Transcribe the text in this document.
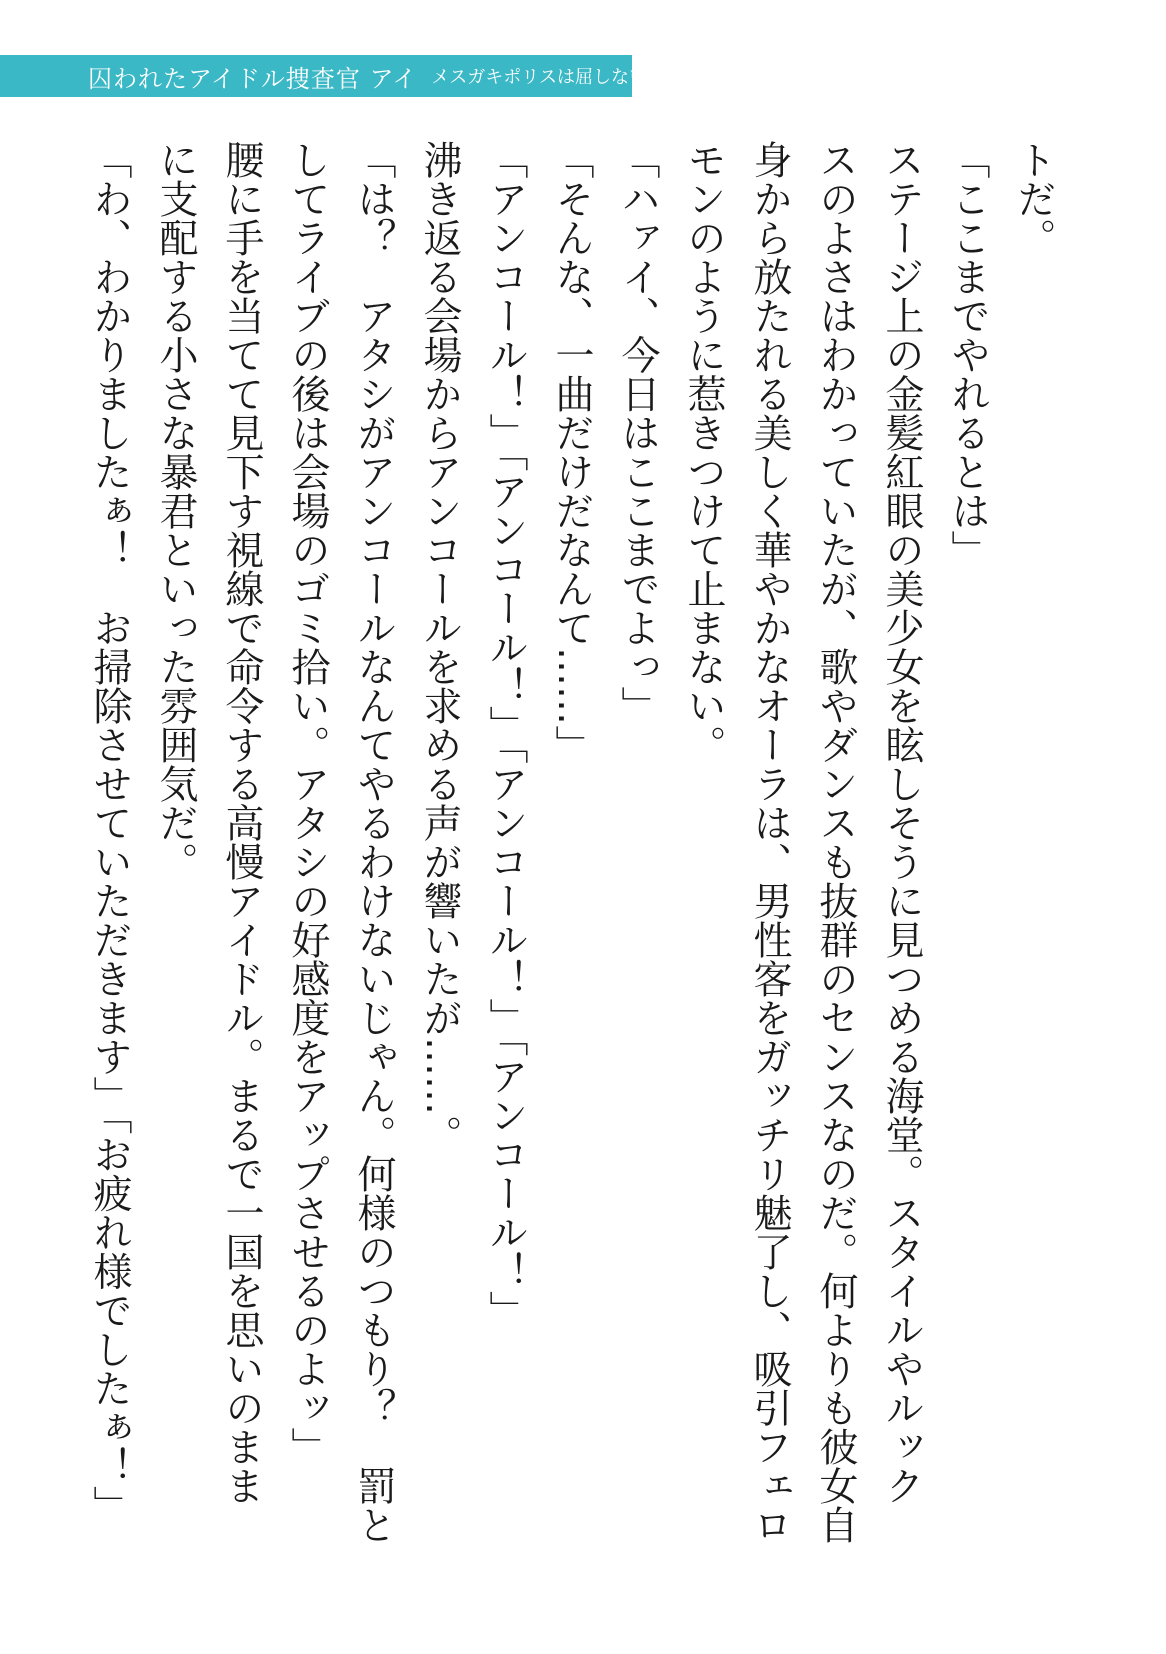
囚われたアイドル捜査官 アイ メスガキポリスは屈しない!

トだ。

「ここまでやれるとは」

ステージ上の金髪紅眼の美少女を眩しそうに見つめる海堂。スタイルやルック

スのよさはわかっていたが、歌やダンスも抜群のセンスなのだ。何よりも彼女自

身から放たれる美しく華やかなオーラは、男性客をガッチリ魅了し、吸引フェロ

モンのように惹きつけて止まない。

「ハァイ、今日はここまでよっ」

「そんな、一曲だけだなんて……」

「アンコール！」「アンコール！」「アンコール！」「アンコール！」

沸き返る会場からアンコールを求める声が響いたが……。

「は？　アタシがアンコールなんてやるわけないじゃん。何様のつもり？　罰と

してライブの後は会場のゴミ拾い。アタシの好感度をアップさせるのよッ」

腰に手を当てて見下す視線で命令する高慢アイドル。まるで一国を思いのまま

に支配する小さな暴君といった雰囲気だ。

「わ、わかりましたぁ！　お掃除させていただきます」「お疲れ様でしたぁ！」
